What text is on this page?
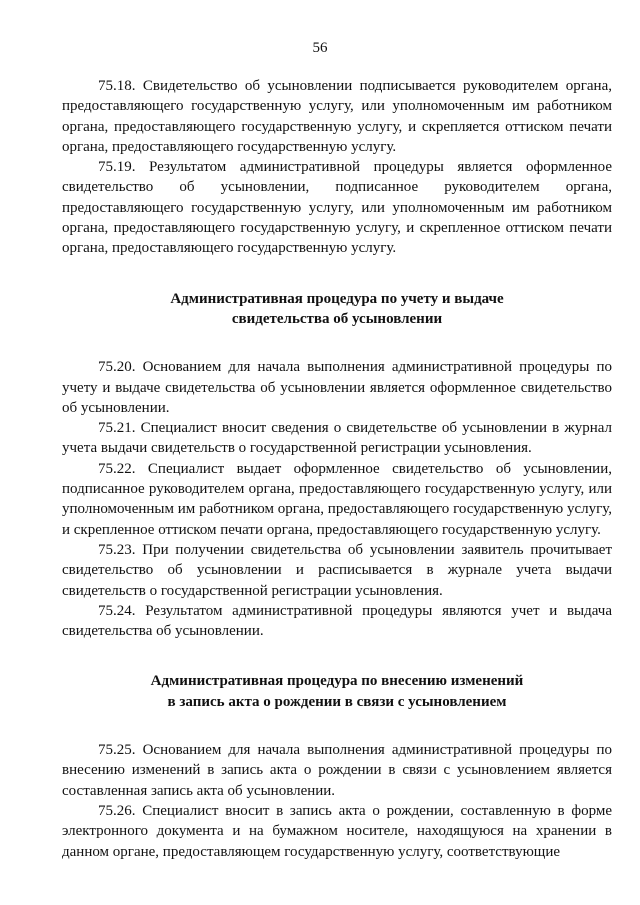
56

75.18. Свидетельство об усыновлении подписывается руководителем органа, предоставляющего государственную услугу, или уполномоченным им работником органа, предоставляющего государственную услугу, и скрепляется оттиском печати органа, предоставляющего государственную услугу.

75.19. Результатом административной процедуры является оформленное свидетельство об усыновлении, подписанное руководителем органа, предоставляющего государственную услугу, или уполномоченным им работником органа, предоставляющего государственную услугу, и скрепленное оттиском печати органа, предоставляющего государственную услугу.

Административная процедура по учету и выдаче
свидетельства об усыновлении

75.20. Основанием для начала выполнения административной процедуры по учету и выдаче свидетельства об усыновлении является оформленное свидетельство об усыновлении.

75.21. Специалист вносит сведения о свидетельстве об усыновлении в журнал учета выдачи свидетельств о государственной регистрации усыновления.

75.22. Специалист выдает оформленное свидетельство об усыновлении, подписанное руководителем органа, предоставляющего государственную услугу, или уполномоченным им работником органа, предоставляющего государственную услугу, и скрепленное оттиском печати органа, предоставляющего государственную услугу.

75.23. При получении свидетельства об усыновлении заявитель прочитывает свидетельство об усыновлении и расписывается в журнале учета выдачи свидетельств о государственной регистрации усыновления.

75.24. Результатом административной процедуры являются учет и выдача свидетельства об усыновлении.

Административная процедура по внесению изменений
в запись акта о рождении в связи с усыновлением

75.25. Основанием для начала выполнения административной процедуры по внесению изменений в запись акта о рождении в связи с усыновлением является составленная запись акта об усыновлении.

75.26. Специалист вносит в запись акта о рождении, составленную в форме электронного документа и на бумажном носителе, находящуюся на хранении в данном органе, предоставляющем государственную услугу, соответствующие
